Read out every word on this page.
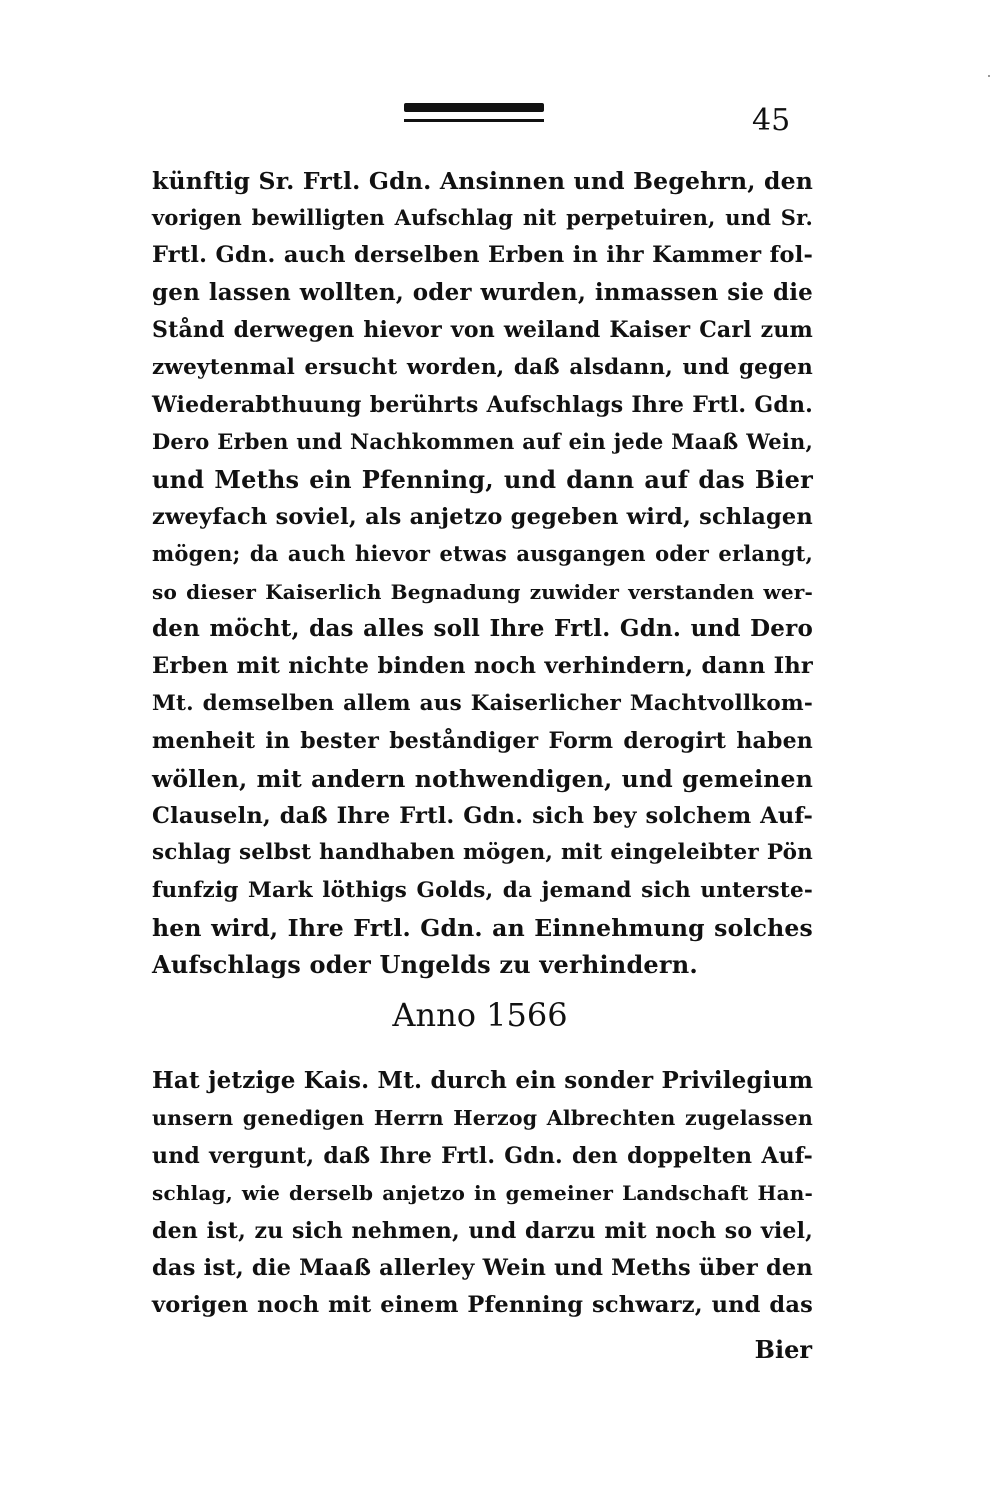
45
künftig Sr. Frtl. Gdn. Ansinnen und Begehrn, den
vorigen bewilligten Aufschlag nit perpetuiren, und Sr.
Frtl. Gdn. auch derselben Erben in ihr Kammer fol-
gen lassen wollten, oder wurden, inmassen sie die
Stånd derwegen hievor von weiland Kaiser Carl zum
zweytenmal ersucht worden, daß alsdann, und gegen
Wiederabthuung berührts Aufschlags Ihre Frtl. Gdn.
Dero Erben und Nachkommen auf ein jede Maaß Wein,
und Meths ein Pfenning, und dann auf das Bier
zweyfach soviel, als anjetzo gegeben wird, schlagen
mögen; da auch hievor etwas ausgangen oder erlangt,
so dieser Kaiserlich Begnadung zuwider verstanden wer-
den möcht, das alles soll Ihre Frtl. Gdn. und Dero
Erben mit nichte binden noch verhindern, dann Ihr
Mt. demselben allem aus Kaiserlicher Machtvollkom-
menheit in bester beståndiger Form derogirt haben
wöllen, mit andern nothwendigen, und gemeinen
Clauseln, daß Ihre Frtl. Gdn. sich bey solchem Auf-
schlag selbst handhaben mögen, mit eingeleibter Pön
funfzig Mark löthigs Golds, da jemand sich unterste-
hen wird, Ihre Frtl. Gdn. an Einnehmung solches
Aufschlags oder Ungelds zu verhindern.
Anno 1566
Hat jetzige Kais. Mt. durch ein sonder Privilegium
unsern genedigen Herrn Herzog Albrechten zugelassen
und vergunt, daß Ihre Frtl. Gdn. den doppelten Auf-
schlag, wie derselb anjetzo in gemeiner Landschaft Han-
den ist, zu sich nehmen, und darzu mit noch so viel,
das ist, die Maaß allerley Wein und Meths über den
vorigen noch mit einem Pfenning schwarz, und das
Bier
